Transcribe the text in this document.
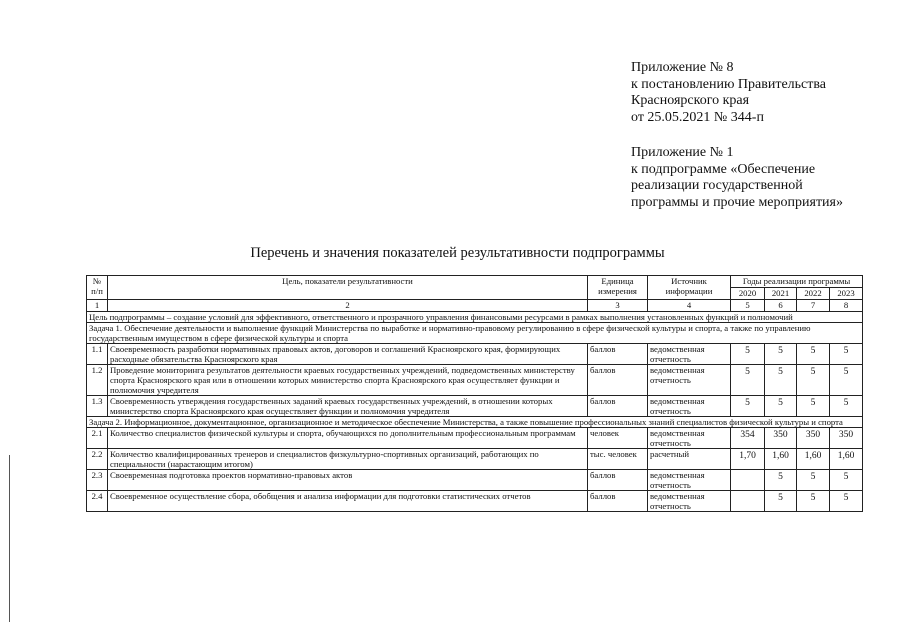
Приложение № 8
к постановлению Правительства
Красноярского края
от 25.05.2021 № 344-п
Приложение № 1
к подпрограмме «Обеспечение
реализации государственной
программы и прочие мероприятия»
Перечень и значения показателей результативности подпрограммы
№ п/п	Цель, показатели результативности	Единица измерения	Источник информации	Годы реализации программы			
				2020	2021	2022	2023
1	2	3	4	5	6	7	8
Цель подпрограммы – создание условий для эффективного, ответственного и прозрачного управления финансовыми ресурсами в рамках выполнения установленных функций и полномочий							
Задача 1. Обеспечение деятельности и выполнение функций Министерства по выработке и нормативно-правовому регулированию в сфере физической культуры и спорта, а также по управлению государственным имуществом в сфере физической культуры и спорта							
1.1	Своевременность разработки нормативных правовых актов, договоров и соглашений Красноярского края, формирующих расходные обязательства Красноярского края	баллов	ведомственная отчетность	5	5	5	5
1.2	Проведение мониторинга результатов деятельности краевых государственных учреждений, подведомственных министерству спорта Красноярского края или в отношении которых министерство спорта Красноярского края осуществляет функции и полномочия учредителя	баллов	ведомственная отчетность	5	5	5	5
1.3	Своевременность утверждения государственных заданий краевых государственных учреждений, в отношении которых министерство спорта Красноярского края осуществляет функции и полномочия учредителя	баллов	ведомственная отчетность	5	5	5	5
Задача 2. Информационное, документационное, организационное и методическое обеспечение Министерства, а также повышение профессиональных знаний специалистов физической культуры и спорта							
2.1	Количество специалистов физической культуры и спорта, обучающихся по дополнительным профессиональным программам	человек	ведомственная отчетность	354	350	350	350
2.2	Количество квалифицированных тренеров и специалистов физкультурно-спортивных организаций, работающих по специальности (нарастающим итогом)	тыс. человек	расчетный	1,70	1,60	1,60	1,60
2.3	Своевременная подготовка проектов нормативно-правовых актов	баллов	ведомственная отчетность		5	5	5
2.4	Своевременное осуществление сбора, обобщения и анализа информации для подготовки статистических отчетов	баллов	ведомственная отчетность		5	5	5
